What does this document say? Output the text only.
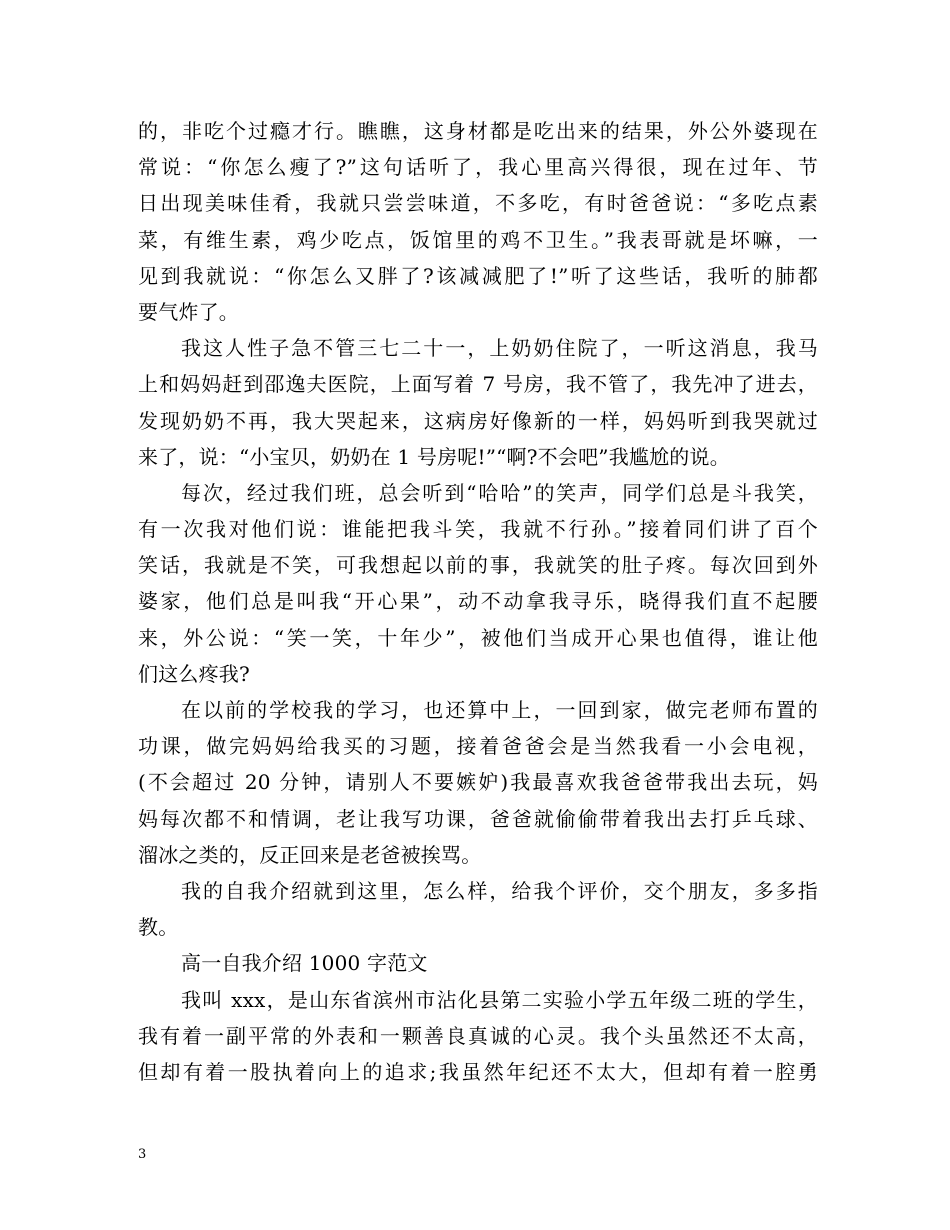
的，非吃个过瘾才行。瞧瞧，这身材都是吃出来的结果，外公外婆现在
常说：“你怎么瘦了?”这句话听了，我心里高兴得很，现在过年、节
日出现美味佳肴，我就只尝尝味道，不多吃，有时爸爸说：“多吃点素
菜，有维生素，鸡少吃点，饭馆里的鸡不卫生。”我表哥就是坏嘛，一
见到我就说：“你怎么又胖了?该减减肥了!”听了这些话，我听的肺都
要气炸了。
我这人性子急不管三七二十一，上奶奶住院了，一听这消息，我马
上和妈妈赶到邵逸夫医院，上面写着 7 号房，我不管了，我先冲了进去，
发现奶奶不再，我大哭起来，这病房好像新的一样，妈妈听到我哭就过
来了，说：“小宝贝，奶奶在 1 号房呢!”“啊?不会吧”我尴尬的说。
每次，经过我们班，总会听到“哈哈”的笑声，同学们总是斗我笑，
有一次我对他们说：谁能把我斗笑，我就不行孙。”接着同们讲了百个
笑话，我就是不笑，可我想起以前的事，我就笑的肚子疼。每次回到外
婆家，他们总是叫我“开心果”，动不动拿我寻乐，晓得我们直不起腰
来，外公说：“笑一笑，十年少”，被他们当成开心果也值得，谁让他
们这么疼我?
在以前的学校我的学习，也还算中上，一回到家，做完老师布置的
功课，做完妈妈给我买的习题，接着爸爸会是当然我看一小会电视，
(不会超过 20 分钟，请别人不要嫉妒)我最喜欢我爸爸带我出去玩，妈
妈每次都不和情调，老让我写功课，爸爸就偷偷带着我出去打乒乓球、
溜冰之类的，反正回来是老爸被挨骂。
我的自我介绍就到这里，怎么样，给我个评价，交个朋友，多多指
教。
高一自我介绍 1000 字范文
我叫 xxx，是山东省滨州市沾化县第二实验小学五年级二班的学生，
我有着一副平常的外表和一颗善良真诚的心灵。我个头虽然还不太高，
但却有着一股执着向上的追求;我虽然年纪还不太大，但却有着一腔勇
3
